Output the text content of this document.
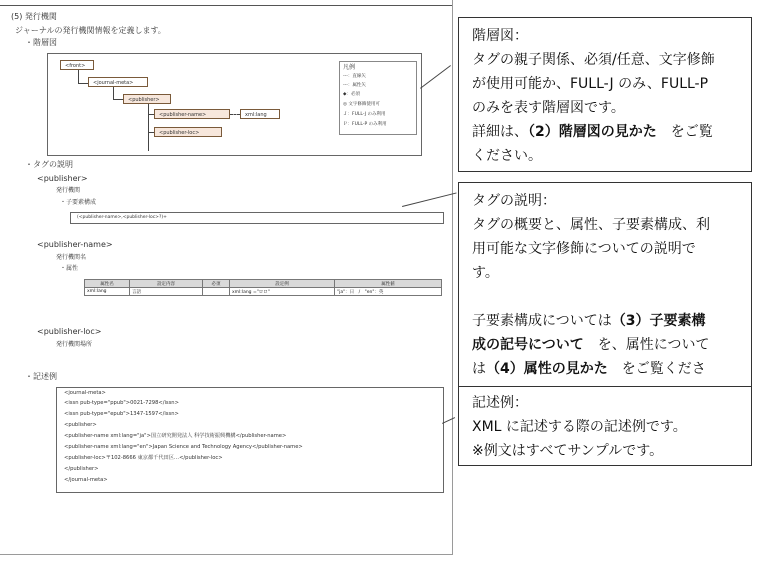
(5) 発行機関
ジャーナルの発行機関情報を定義します。
・階層図
<front>
<journal-meta>
<publisher>
<publisher-name>	xml:lang
<publisher-loc>
凡例
---：直線矢
---：属性矢
◆：必須
◎ 文字修飾使用可
Ｊ：FULL-J のみ利用
Ｐ：FULL-P のみ利用
・タグの説明
<publisher>
発行機関
・子要素構成
(<publisher-name>,<publisher-loc>?)+
<publisher-name>
発行機関名
・属性
属性名	設定内容	必須	設定例	属性値
xml:lang	言語		xml:lang ="ロロ"	"ja"：日　/　"en"：英
<publisher-loc>
発行機関場所
・記述例
<journal-meta>
<issn pub-type="ppub">0021-7298</issn>
<issn pub-type="epub">1347-1597</issn>
<publisher>
<publisher-name xml:lang="ja">国立研究開発法人 科学技術振興機構</publisher-name>
<publisher-name xml:lang="en">Japan Science and Technology Agency</publisher-name>
<publisher-loc>〒102-8666 東京都千代田区…</publisher-loc>
</publisher>
</journal-meta>
階層図：
タグの親子関係、必須/任意、文字修飾
が使用可能か、FULL-J のみ、FULL-P
のみを表す階層図です。
詳細は、（2）階層図の見かた　をご覧
ください。
タグの説明：
タグの概要と、属性、子要素構成、利
用可能な文字修飾についての説明で
す。
子要素構成については（3）子要素構
成の記号について　を、属性について
は（4）属性の見かた　をご覧くださ
記述例：
XML に記述する際の記述例です。
※例文はすべてサンプルです。
